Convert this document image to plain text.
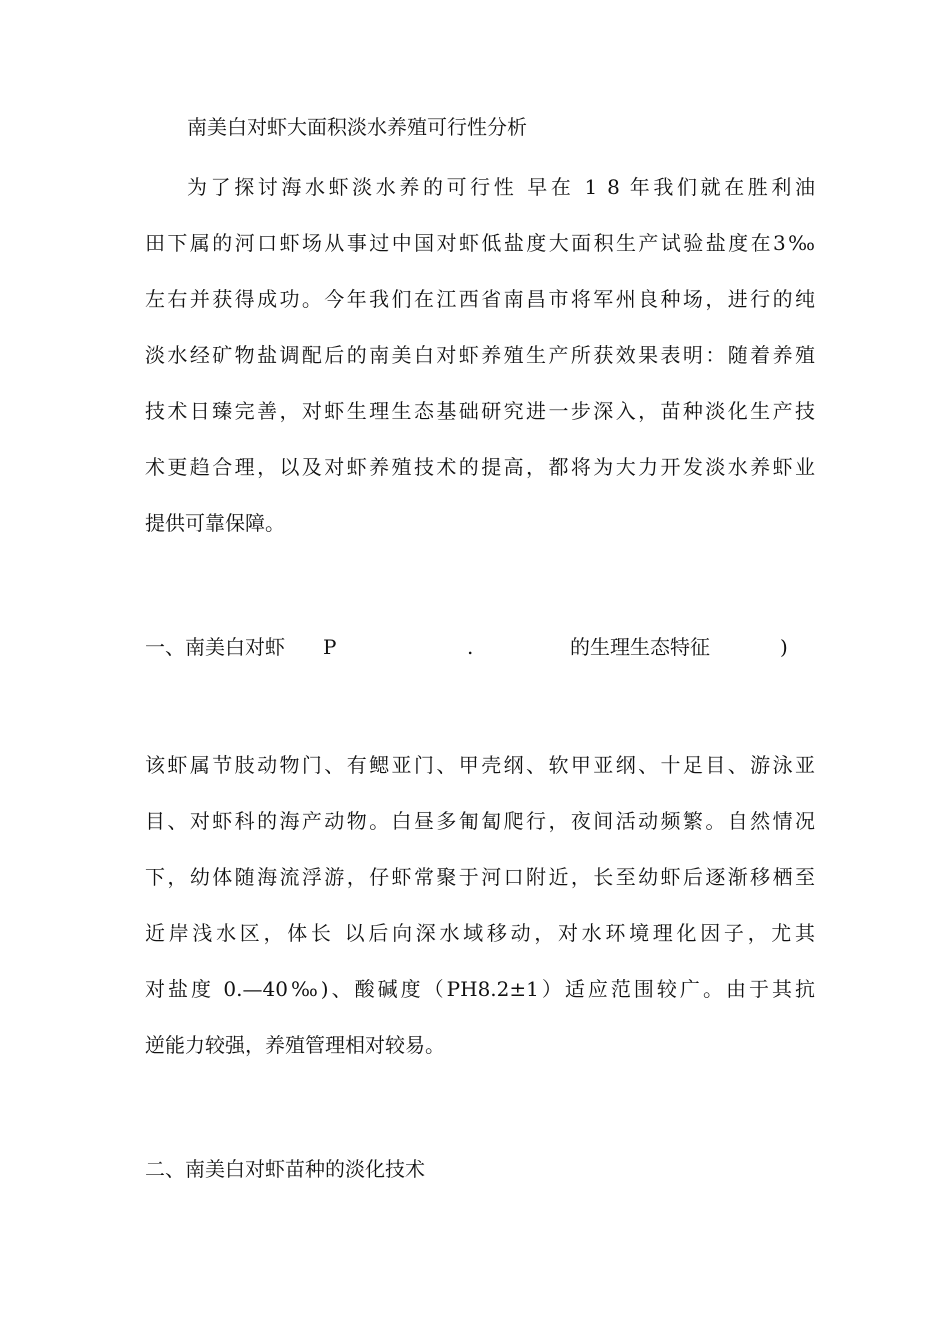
南美白对虾大面积淡水养殖可行性分析
为了探讨海水虾淡水养的可行性 早在 1 8 年我们就在胜利油
田下属的河口虾场从事过中国对虾低盐度大面积生产试验盐度在3‰
左右并获得成功。今年我们在江西省南昌市将军州良种场，进行的纯
淡水经矿物盐调配后的南美白对虾养殖生产所获效果表明：随着养殖
技术日臻完善，对虾生理生态基础研究进一步深入，苗种淡化生产技
术更趋合理，以及对虾养殖技术的提高，都将为大力开发淡水养虾业
提供可靠保障。
一、南美白对虾 P	.	的生理生态特征	)
该虾属节肢动物门、有鳃亚门、甲壳纲、软甲亚纲、十足目、游泳亚
目、对虾科的海产动物。白昼多匍匐爬行，夜间活动频繁。自然情况
下，幼体随海流浮游，仔虾常聚于河口附近，长至幼虾后逐渐移栖至
近岸浅水区，体长 以后向深水域移动，对水环境理化因子，尤其
对盐度 0.—40‰)、酸碱度（PH8.2±1）适应范围较广。由于其抗
逆能力较强，养殖管理相对较易。
二、南美白对虾苗种的淡化技术
